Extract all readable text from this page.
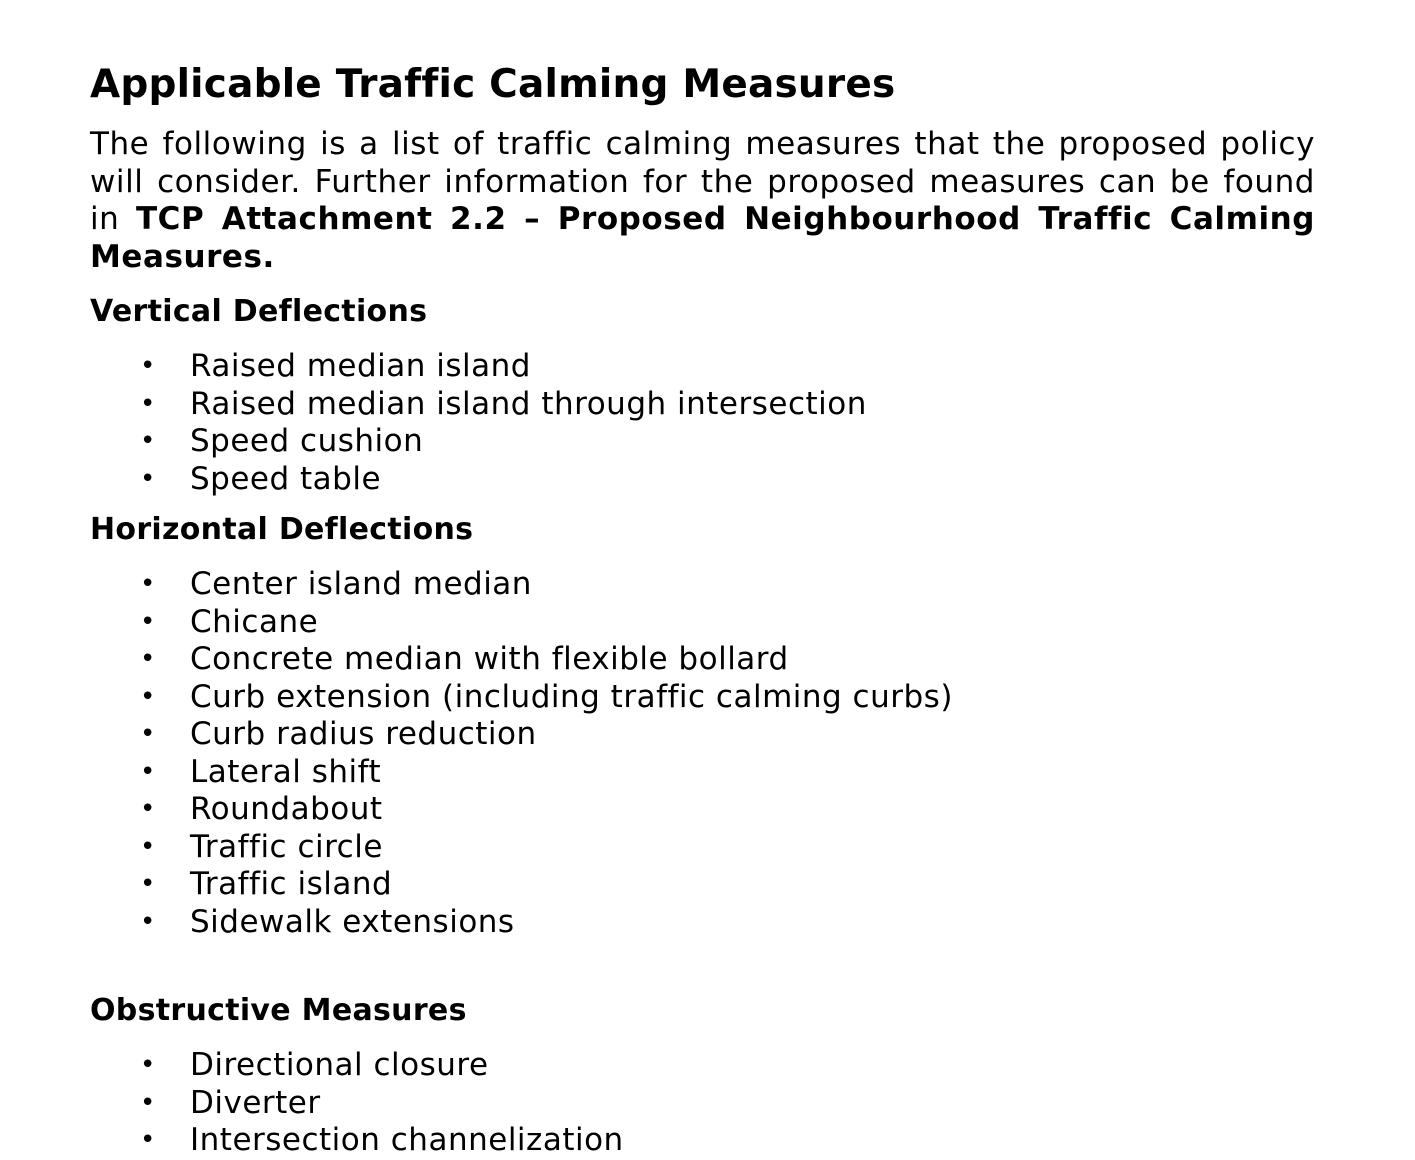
Applicable Traffic Calming Measures

The following is a list of traffic calming measures that the proposed policy will consider. Further information for the proposed measures can be found in TCP Attachment 2.2 – Proposed Neighbourhood Traffic Calming Measures.

Vertical Deflections
• Raised median island
• Raised median island through intersection
• Speed cushion
• Speed table
Horizontal Deflections
• Center island median
• Chicane
• Concrete median with flexible bollard
• Curb extension (including traffic calming curbs)
• Curb radius reduction
• Lateral shift
• Roundabout
• Traffic circle
• Traffic island
• Sidewalk extensions
Obstructive Measures
• Directional closure
• Diverter
• Intersection channelization
